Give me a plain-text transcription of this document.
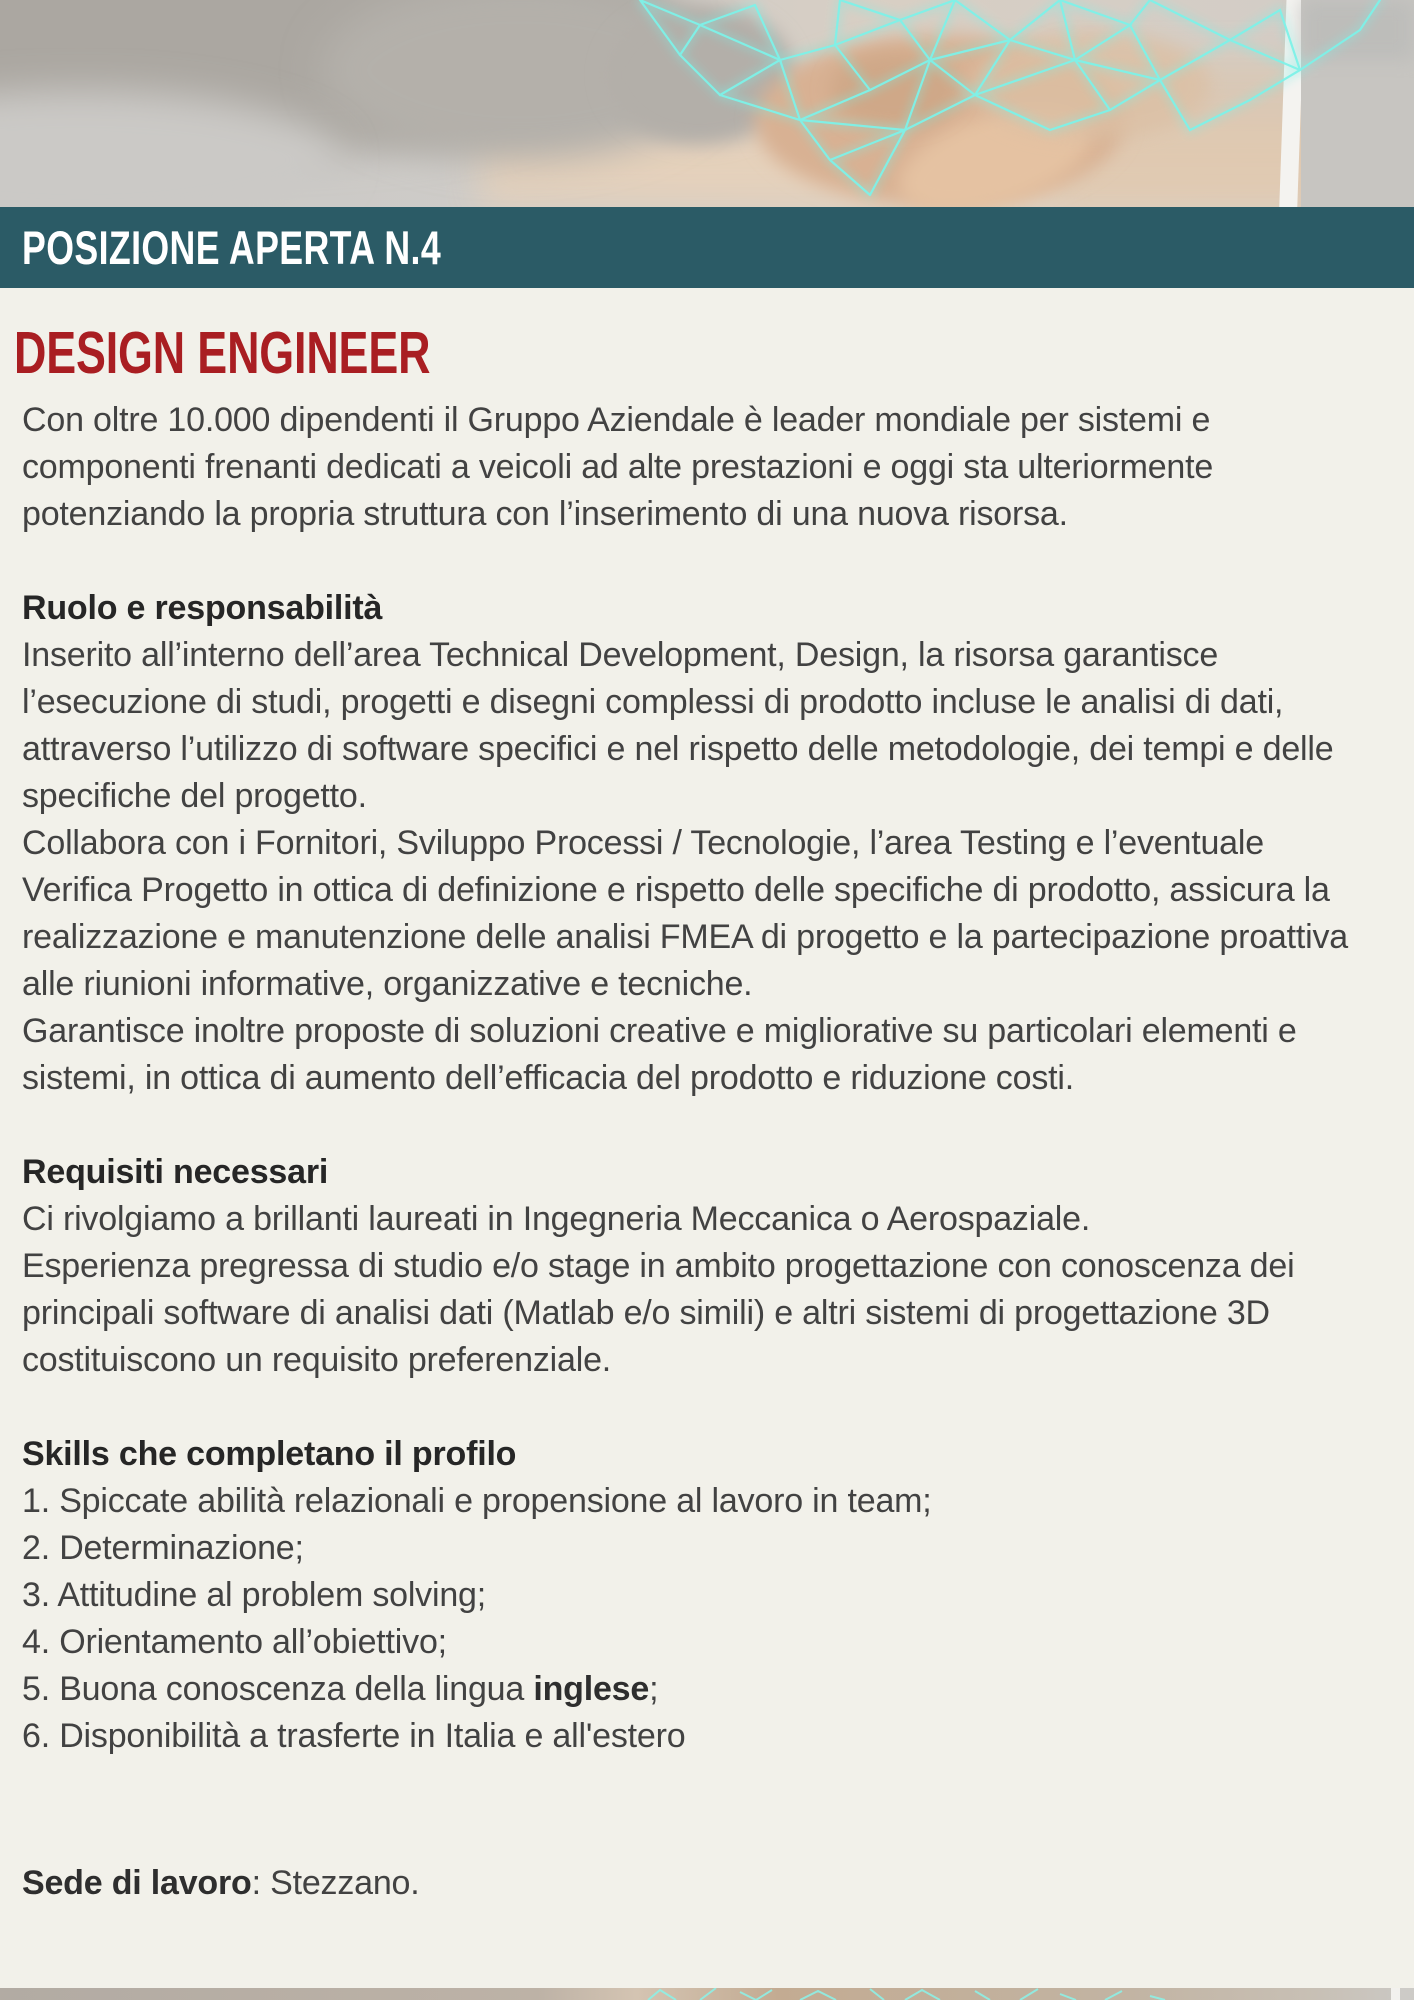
POSIZIONE APERTA N.4
DESIGN ENGINEER

Con oltre 10.000 dipendenti il Gruppo Aziendale è leader mondiale per sistemi e componenti frenanti dedicati a veicoli ad alte prestazioni e oggi sta ulteriormente potenziando la propria struttura con l’inserimento di una nuova risorsa.

Ruolo e responsabilità

Inserito all’interno dell’area Technical Development, Design, la risorsa garantisce l’esecuzione di studi, progetti e disegni complessi di prodotto incluse le analisi di dati, attraverso l’utilizzo di software specifici e nel rispetto delle metodologie, dei tempi e delle specifiche del progetto.

Collabora con i Fornitori, Sviluppo Processi / Tecnologie, l’area Testing e l’eventuale Verifica Progetto in ottica di definizione e rispetto delle specifiche di prodotto, assicura la realizzazione e manutenzione delle analisi FMEA di progetto e la partecipazione proattiva alle riunioni informative, organizzative e tecniche.

Garantisce inoltre proposte di soluzioni creative e migliorative su particolari elementi e sistemi, in ottica di aumento dell’efficacia del prodotto e riduzione costi.

Requisiti necessari

Ci rivolgiamo a brillanti laureati in Ingegneria Meccanica o Aerospaziale.

Esperienza pregressa di studio e/o stage in ambito progettazione con conoscenza dei principali software di analisi dati (Matlab e/o simili) e altri sistemi di progettazione 3D costituiscono un requisito preferenziale.

Skills che completano il profilo

1. Spiccate abilità relazionali e propensione al lavoro in team;

2. Determinazione;

3. Attitudine al problem solving;

4. Orientamento all’obiettivo;

5. Buona conoscenza della lingua inglese;

6. Disponibilità a trasferte in Italia e all'estero

Sede di lavoro: Stezzano.
